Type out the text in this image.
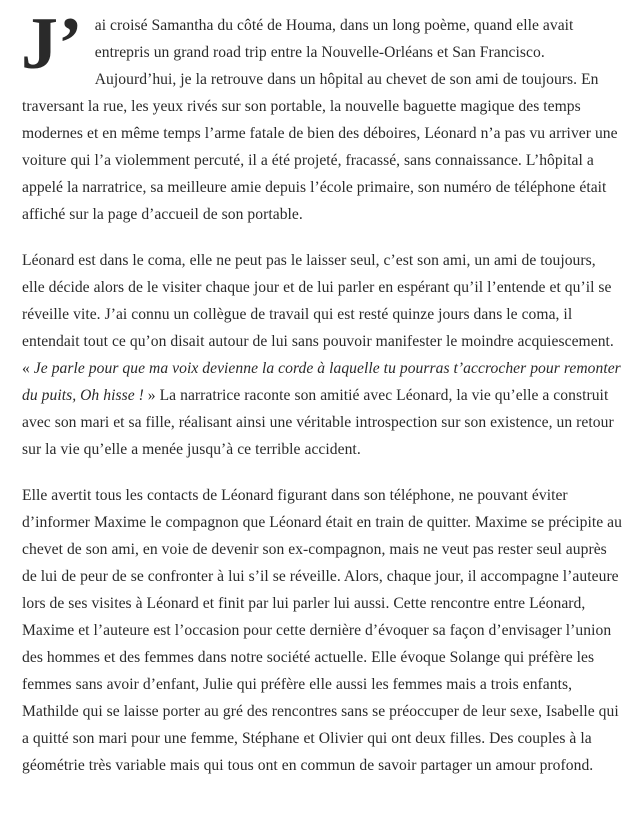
J’ ai croisé Samantha du côté de Houma, dans un long poème, quand elle avait entrepris un grand road trip entre la Nouvelle-Orléans et San Francisco. Aujourd’hui, je la retrouve dans un hôpital au chevet de son ami de toujours. En traversant la rue, les yeux rivés sur son portable, la nouvelle baguette magique des temps modernes et en même temps l’arme fatale de bien des déboires, Léonard n’a pas vu arriver une voiture qui l’a violemment percuté, il a été projeté, fracassé, sans connaissance. L’hôpital a appelé la narratrice, sa meilleure amie depuis l’école primaire, son numéro de téléphone était affiché sur la page d’accueil de son portable.

Léonard est dans le coma, elle ne peut pas le laisser seul, c’est son ami, un ami de toujours, elle décide alors de le visiter chaque jour et de lui parler en espérant qu’il l’entende et qu’il se réveille vite. J’ai connu un collègue de travail qui est resté quinze jours dans le coma, il entendait tout ce qu’on disait autour de lui sans pouvoir manifester le moindre acquiescement. « Je parle pour que ma voix devienne la corde à laquelle tu pourras t’accrocher pour remonter du puits, Oh hisse ! » La narratrice raconte son amitié avec Léonard, la vie qu’elle a construit avec son mari et sa fille, réalisant ainsi une véritable introspection sur son existence, un retour sur la vie qu’elle a menée jusqu’à ce terrible accident.

Elle avertit tous les contacts de Léonard figurant dans son téléphone, ne pouvant éviter d’informer Maxime le compagnon que Léonard était en train de quitter. Maxime se précipite au chevet de son ami, en voie de devenir son ex-compagnon, mais ne veut pas rester seul auprès de lui de peur de se confronter à lui s’il se réveille. Alors, chaque jour, il accompagne l’auteure lors de ses visites à Léonard et finit par lui parler lui aussi. Cette rencontre entre Léonard, Maxime et l’auteure est l’occasion pour cette dernière d’évoquer sa façon d’envisager l’union des hommes et des femmes dans notre société actuelle. Elle évoque Solange qui préfère les femmes sans avoir d’enfant, Julie qui préfère elle aussi les femmes mais a trois enfants, Mathilde qui se laisse porter au gré des rencontres sans se préoccuper de leur sexe, Isabelle qui a quitté son mari pour une femme, Stéphane et Olivier qui ont deux filles. Des couples à la géométrie très variable mais qui tous ont en commun de savoir partager un amour profond.
